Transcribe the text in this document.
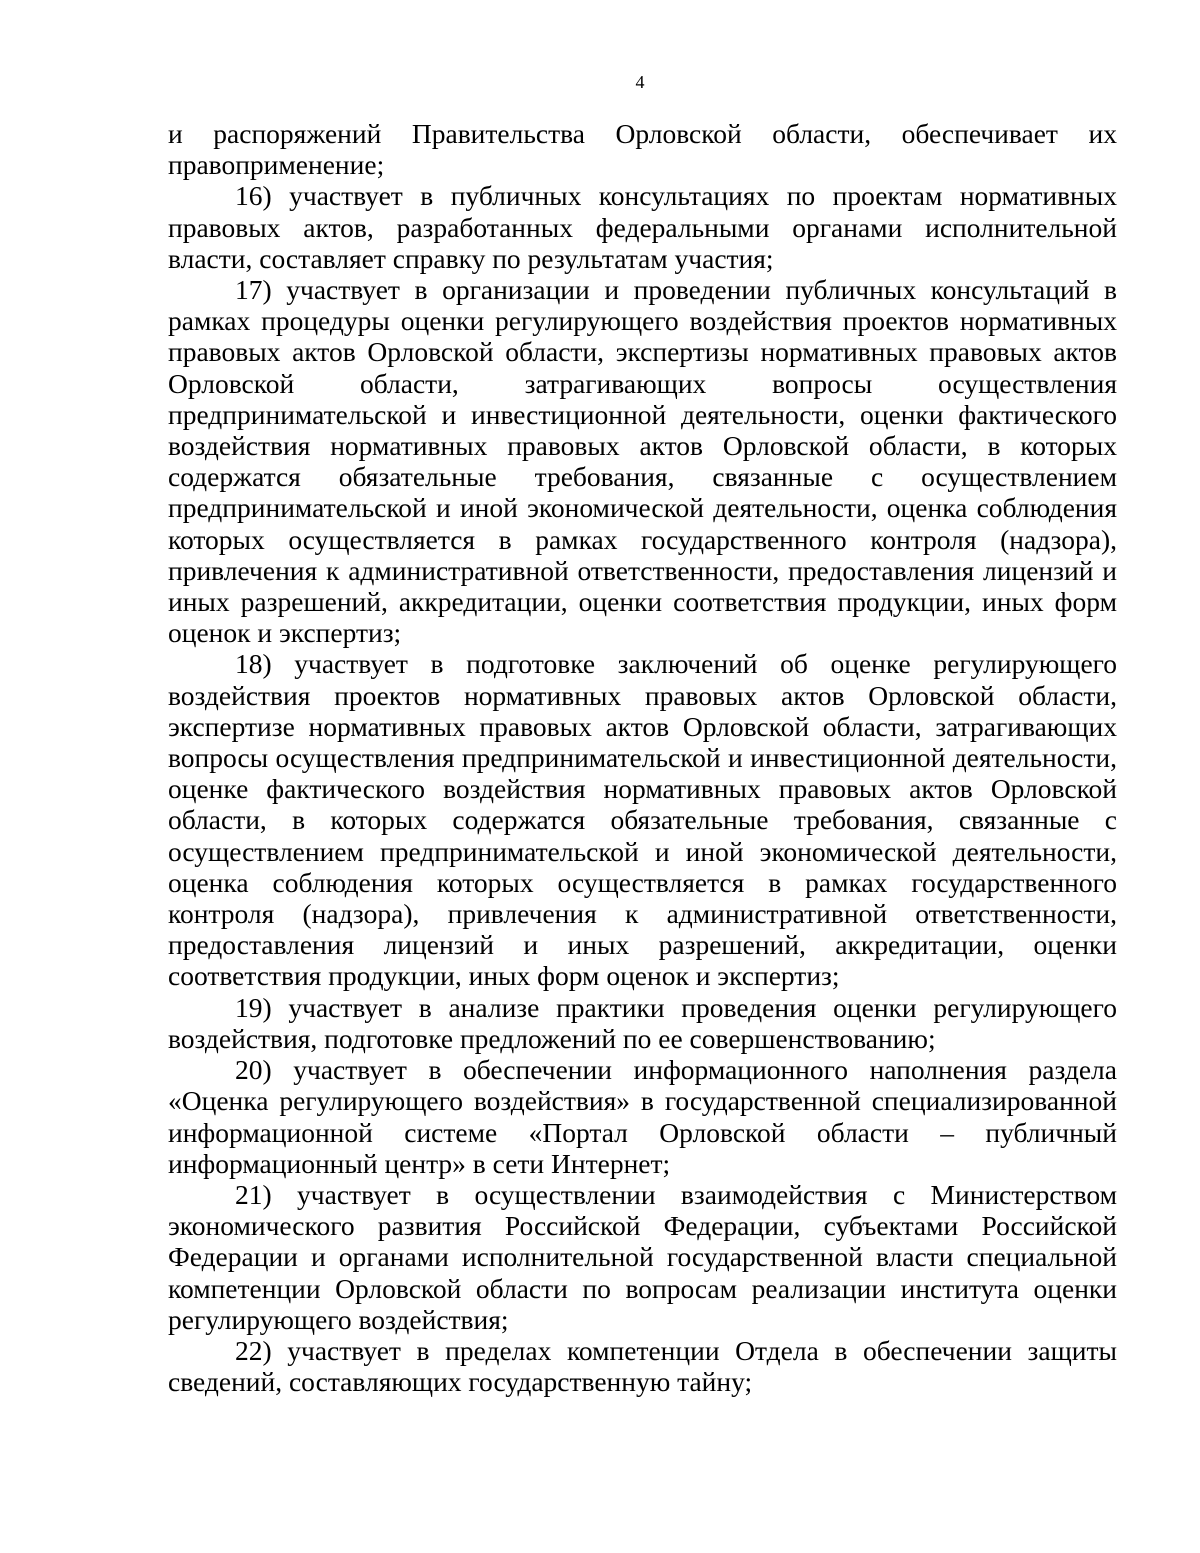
4

и распоряжений Правительства Орловской области, обеспечивает их правоприменение;

16) участвует в публичных консультациях по проектам нормативных правовых актов, разработанных федеральными органами исполнительной власти, составляет справку по результатам участия;

17) участвует в организации и проведении публичных консультаций в рамках процедуры оценки регулирующего воздействия проектов нормативных правовых актов Орловской области, экспертизы нормативных правовых актов Орловской области, затрагивающих вопросы осуществления предпринимательской и инвестиционной деятельности, оценки фактического воздействия нормативных правовых актов Орловской области, в которых содержатся обязательные требования, связанные с осуществлением предпринимательской и иной экономической деятельности, оценка соблюдения которых осуществляется в рамках государственного контроля (надзора), привлечения к административной ответственности, предоставления лицензий и иных разрешений, аккредитации, оценки соответствия продукции, иных форм оценок и экспертиз;

18) участвует в подготовке заключений об оценке регулирующего воздействия проектов нормативных правовых актов Орловской области, экспертизе нормативных правовых актов Орловской области, затрагивающих вопросы осуществления предпринимательской и инвестиционной деятельности, оценке фактического воздействия нормативных правовых актов Орловской области, в которых содержатся обязательные требования, связанные с осуществлением предпринимательской и иной экономической деятельности, оценка соблюдения которых осуществляется в рамках государственного контроля (надзора), привлечения к административной ответственности, предоставления лицензий и иных разрешений, аккредитации, оценки соответствия продукции, иных форм оценок и экспертиз;

19) участвует в анализе практики проведения оценки регулирующего воздействия, подготовке предложений по ее совершенствованию;

20) участвует в обеспечении информационного наполнения раздела «Оценка регулирующего воздействия» в государственной специализированной информационной системе «Портал Орловской области – публичный информационный центр» в сети Интернет;

21) участвует в осуществлении взаимодействия с Министерством экономического развития Российской Федерации, субъектами Российской Федерации и органами исполнительной государственной власти специальной компетенции Орловской области по вопросам реализации института оценки регулирующего воздействия;

22) участвует в пределах компетенции Отдела в обеспечении защиты сведений, составляющих государственную тайну;
